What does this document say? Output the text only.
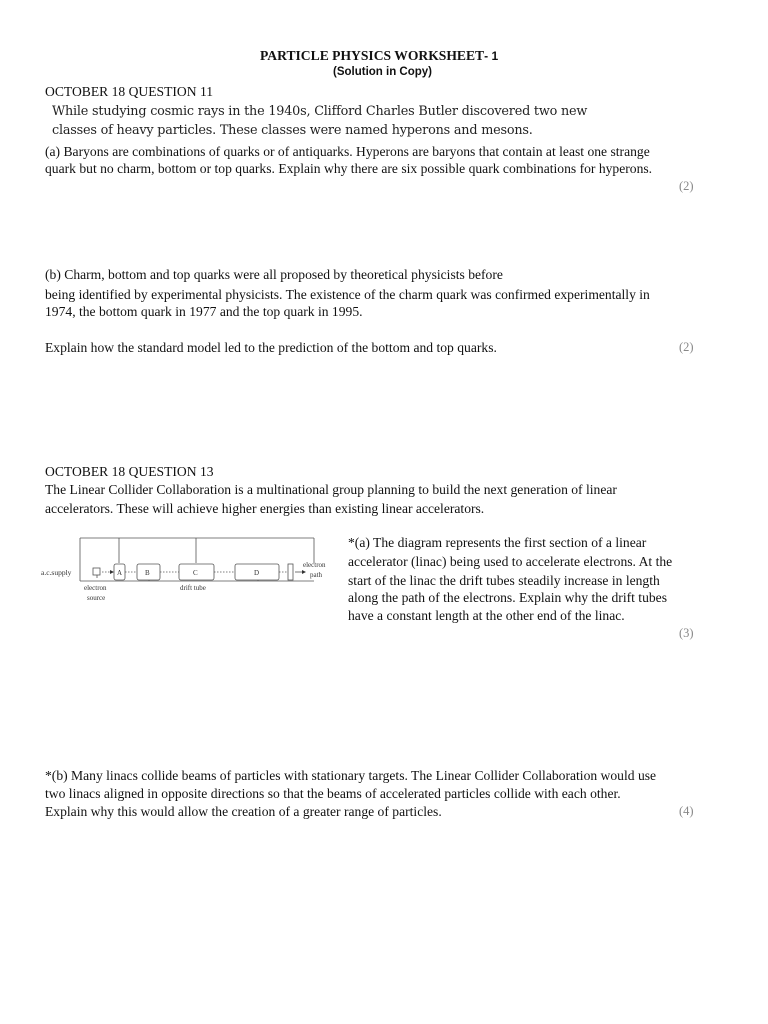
PARTICLE PHYSICS WORKSHEET- 1
(Solution in Copy)
OCTOBER 18 QUESTION 11
While studying cosmic rays in the 1940s, Clifford Charles Butler discovered two new
classes of heavy particles. These classes were named hyperons and mesons.
(a) Baryons are combinations of quarks or of antiquarks. Hyperons are baryons that contain at least one strange
quark but no charm, bottom or top quarks. Explain why there are six possible quark combinations for hyperons.
(2)
(b) Charm, bottom and top quarks were all proposed by theoretical physicists before
being identified by experimental physicists. The existence of the charm quark was confirmed experimentally in
1974, the bottom quark in 1977 and the top quark in 1995.
Explain how the standard model led to the prediction of the bottom and top quarks.	(2)
OCTOBER 18 QUESTION 13
The Linear Collider Collaboration is a multinational group planning to build the next generation of linear
accelerators. These will achieve higher energies than existing linear accelerators.
a.c.supply	A	B	C	D
electron
source
drift tube
electron
path
*(a) The diagram represents the first section of a linear
accelerator (linac) being used to accelerate electrons. At the
start of the linac the drift tubes steadily increase in length
along the path of the electrons. Explain why the drift tubes
have a constant length at the other end of the linac.
(3)
*(b) Many linacs collide beams of particles with stationary targets. The Linear Collider Collaboration would use
two linacs aligned in opposite directions so that the beams of accelerated particles collide with each other.
Explain why this would allow the creation of a greater range of particles.	(4)
